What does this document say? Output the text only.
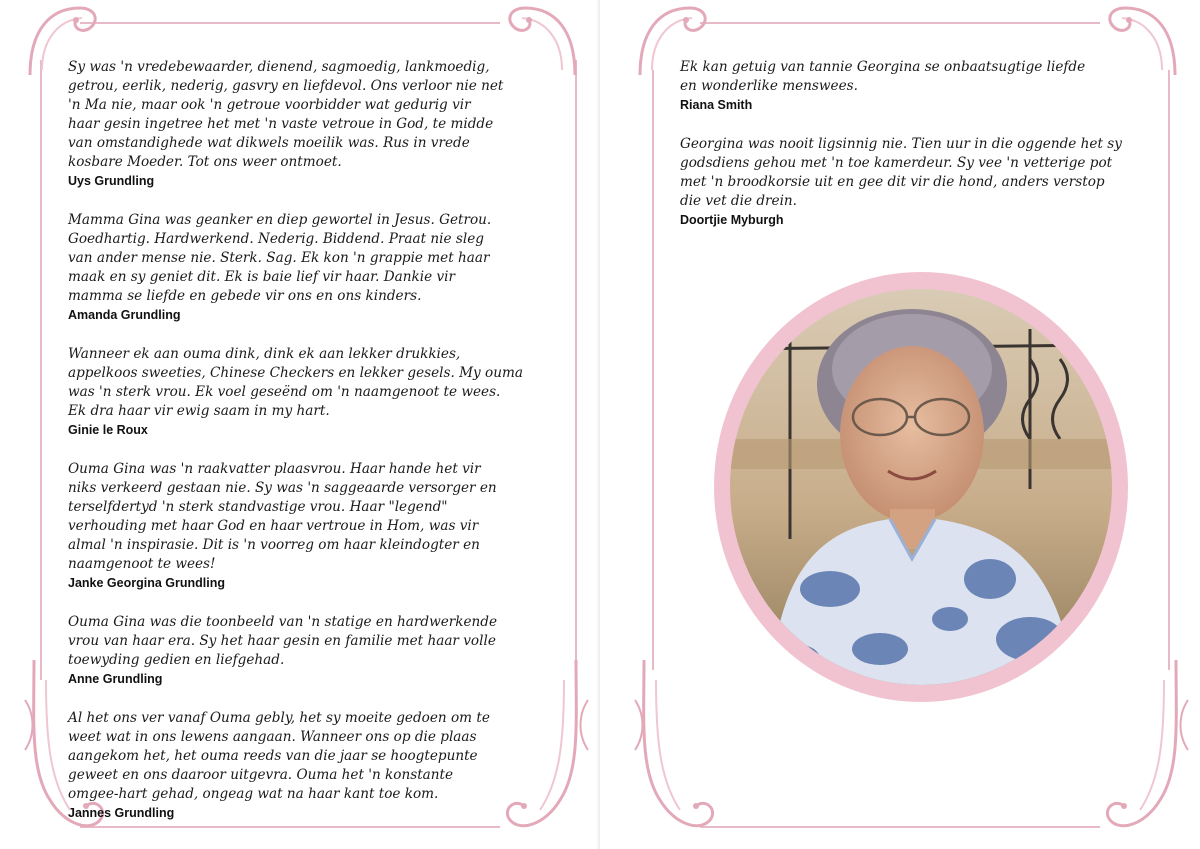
Sy was 'n vredebewaarder, dienend, sagmoedig, lankmoedig,
getrou, eerlik, nederig, gasvry en liefdevol. Ons verloor nie net
'n Ma nie, maar ook 'n getroue voorbidder wat gedurig vir
haar gesin ingetree het met 'n vaste vetroue in God, te midde
van omstandighede wat dikwels moeilik was. Rus in vrede
kosbare Moeder. Tot ons weer ontmoet.

Uys Grundling

Mamma Gina was geanker en diep gewortel in Jesus. Getrou.
Goedhartig. Hardwerkend. Nederig. Biddend. Praat nie sleg
van ander mense nie. Sterk. Sag. Ek kon 'n grappie met haar
maak en sy geniet dit. Ek is baie lief vir haar. Dankie vir
mamma se liefde en gebede vir ons en ons kinders.

Amanda Grundling

Wanneer ek aan ouma dink, dink ek aan lekker drukkies,
appelkoos sweeties, Chinese Checkers en lekker gesels. My ouma
was 'n sterk vrou. Ek voel geseënd om 'n naamgenoot te wees.
Ek dra haar vir ewig saam in my hart.

Ginie le Roux

Ouma Gina was 'n raakvatter plaasvrou. Haar hande het vir
niks verkeerd gestaan nie. Sy was 'n saggeaarde versorger en
terselfdertyd 'n sterk standvastige vrou. Haar "legend"
verhouding met haar God en haar vertroue in Hom, was vir
almal 'n inspirasie. Dit is 'n voorreg om haar kleindogter en
naamgenoot te wees!

Janke Georgina Grundling

Ouma Gina was die toonbeeld van 'n statige en hardwerkende
vrou van haar era. Sy het haar gesin en familie met haar volle
toewyding gedien en liefgehad.

Anne Grundling

Al het ons ver vanaf Ouma gebly, het sy moeite gedoen om te
weet wat in ons lewens aangaan. Wanneer ons op die plaas
aangekom het, het ouma reeds van die jaar se hoogtepunte
geweet en ons daaroor uitgevra. Ouma het 'n konstante
omgee-hart gehad, ongeag wat na haar kant toe kom.

Jannes Grundling

Ek kan getuig van tannie Georgina se onbaatsugtige liefde
en wonderlike menswees.

Riana Smith

Georgina was nooit ligsinnig nie. Tien uur in die oggende het sy
godsdiens gehou met 'n toe kamerdeur. Sy vee 'n vetterige pot
met 'n broodkorsie uit en gee dit vir die hond, anders verstop
die vet die drein.

Doortjie Myburgh
